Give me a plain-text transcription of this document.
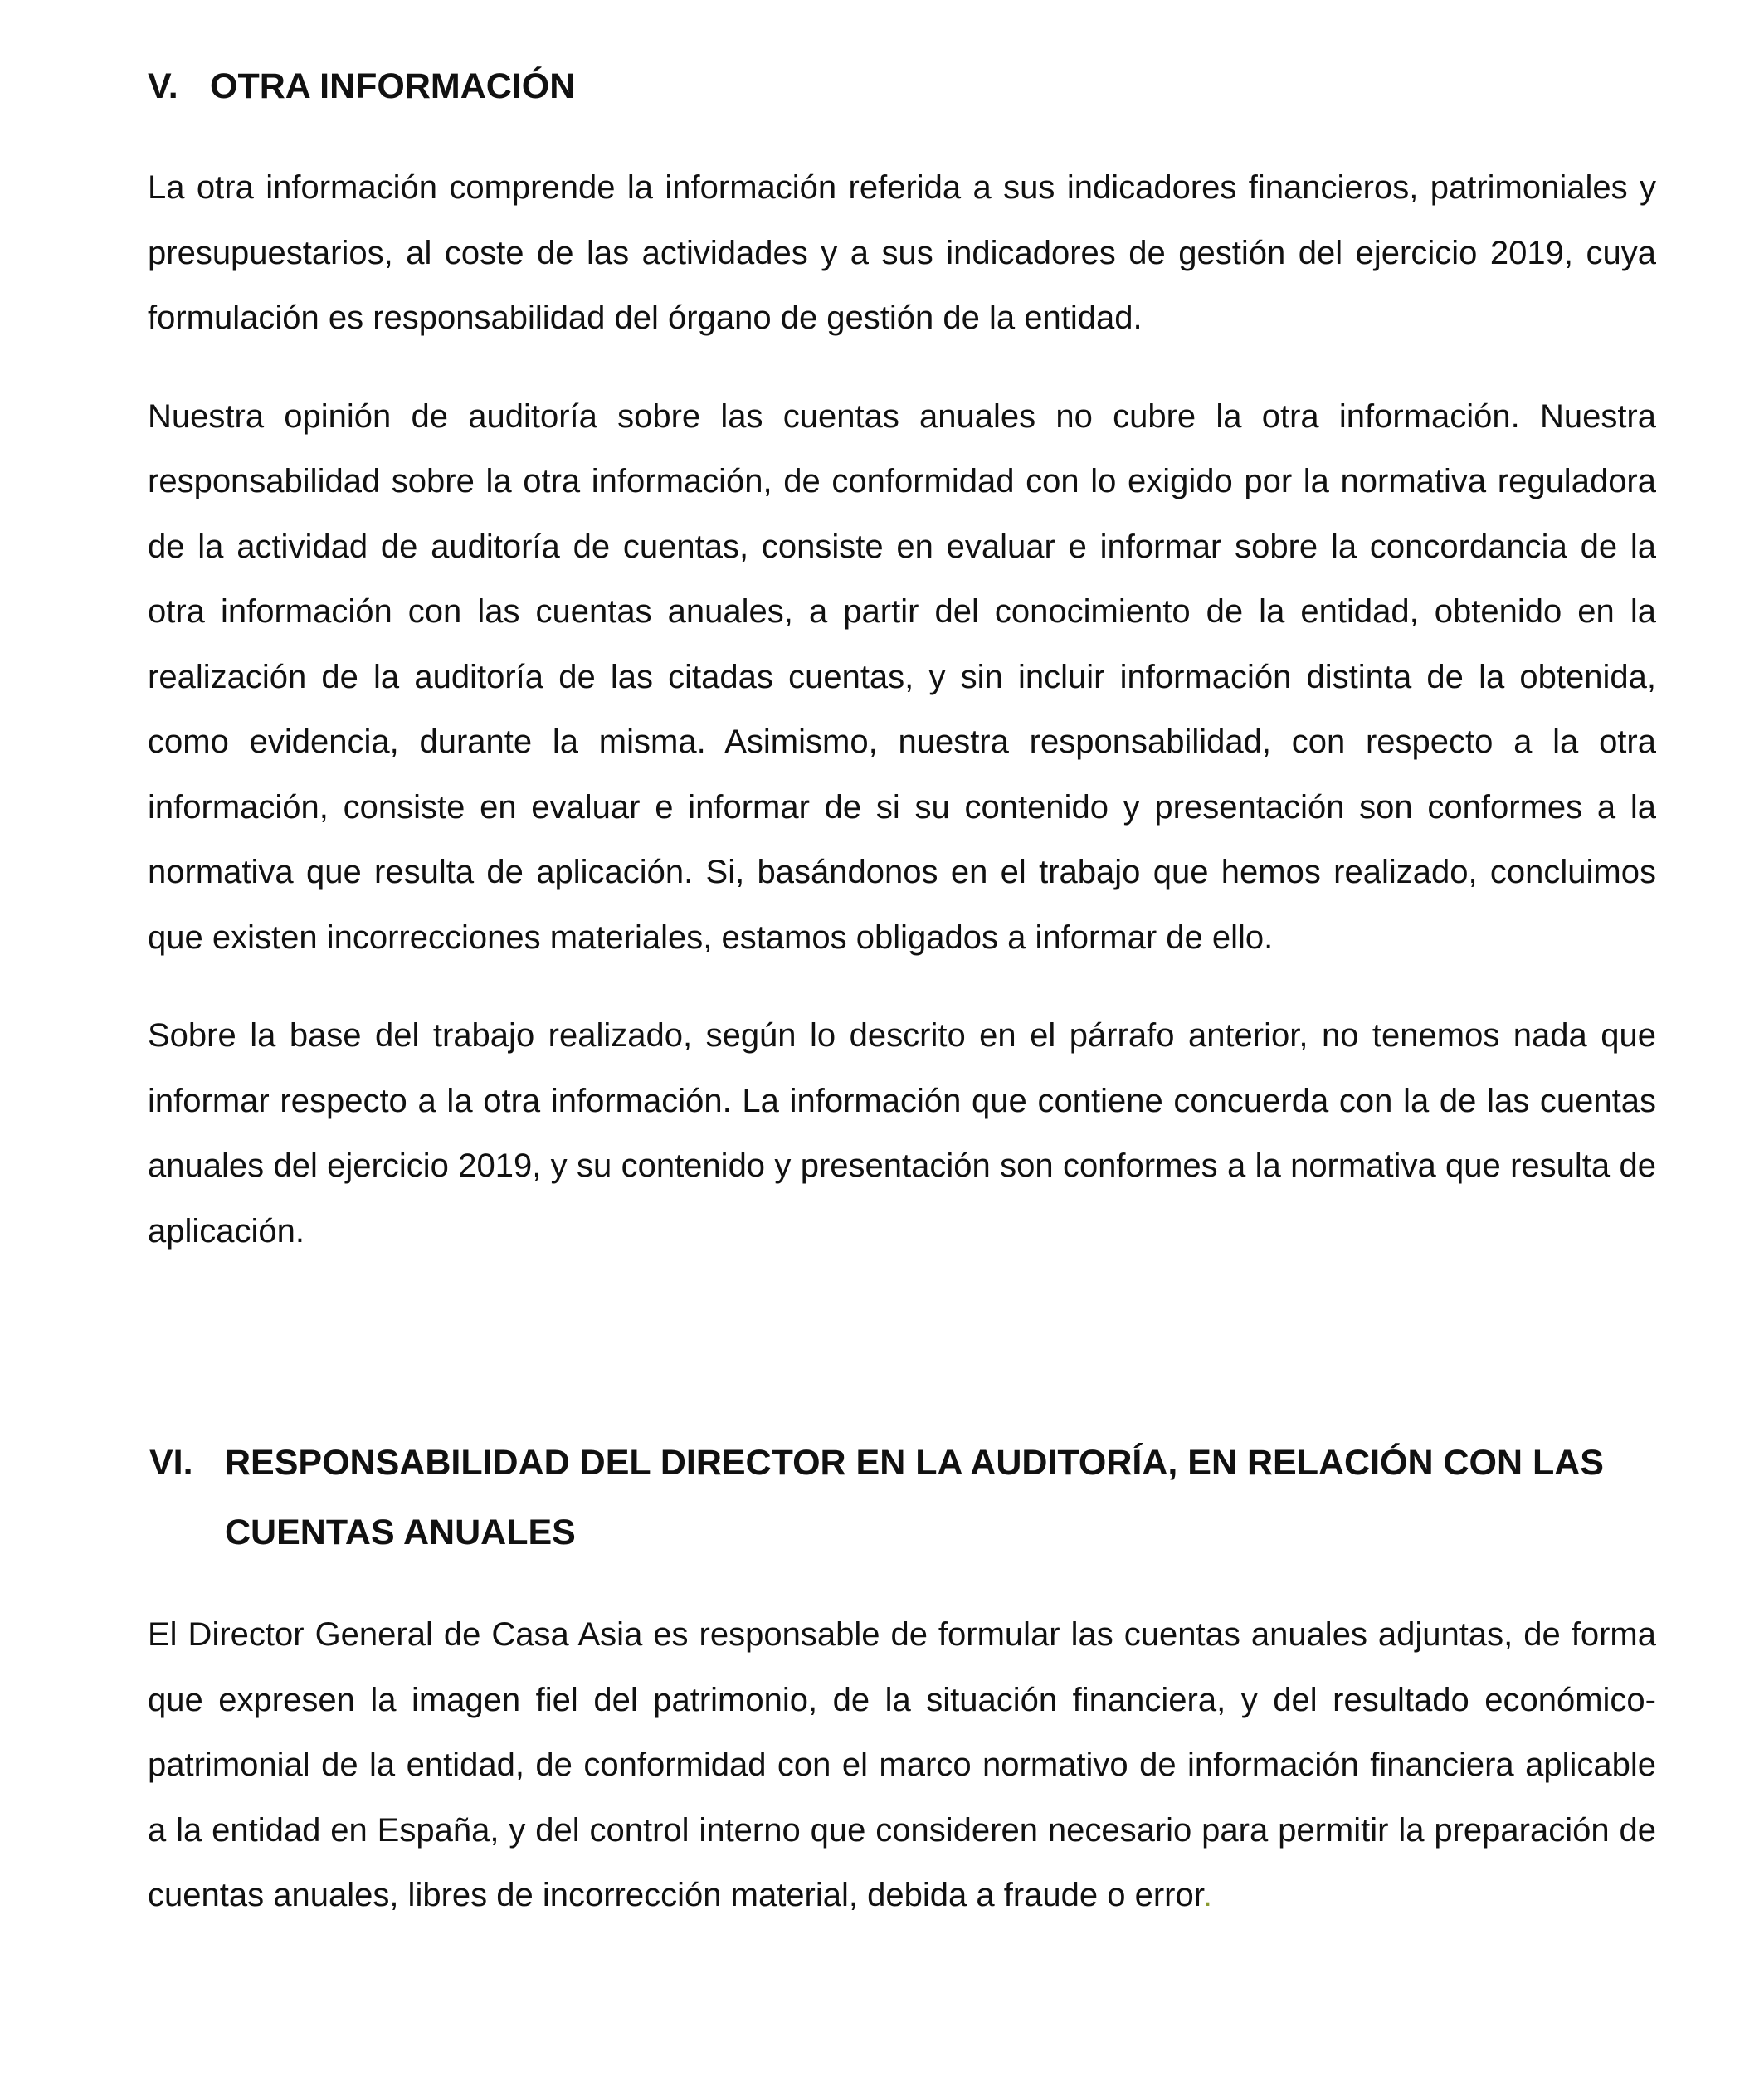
V. OTRA INFORMACIÓN

La otra información comprende la información referida a sus indicadores financieros, patrimoniales y presupuestarios, al coste de las actividades y a sus indicadores de gestión del ejercicio 2019, cuya formulación es responsabilidad del órgano de gestión de la entidad.

Nuestra opinión de auditoría sobre las cuentas anuales no cubre la otra información. Nuestra responsabilidad sobre la otra información, de conformidad con lo exigido por la normativa reguladora de la actividad de auditoría de cuentas, consiste en evaluar e informar sobre la concordancia de la otra información con las cuentas anuales, a partir del conocimiento de la entidad, obtenido en la realización de la auditoría de las citadas cuentas, y sin incluir información distinta de la obtenida, como evidencia, durante la misma. Asimismo, nuestra responsabilidad, con respecto a la otra información, consiste en evaluar e informar de si su contenido y presentación son conformes a la normativa que resulta de aplicación. Si, basándonos en el trabajo que hemos realizado, concluimos que existen incorrecciones materiales, estamos obligados a informar de ello.

Sobre la base del trabajo realizado, según lo descrito en el párrafo anterior, no tenemos nada que informar respecto a la otra información. La información que contiene concuerda con la de las cuentas anuales del ejercicio 2019, y su contenido y presentación son conformes a la normativa que resulta de aplicación.

VI. RESPONSABILIDAD DEL DIRECTOR EN LA AUDITORÍA, EN RELACIÓN CON LAS CUENTAS ANUALES

El Director General de Casa Asia es responsable de formular las cuentas anuales adjuntas, de forma que expresen la imagen fiel del patrimonio, de la situación financiera, y del resultado económico-patrimonial de la entidad, de conformidad con el marco normativo de información financiera aplicable a la entidad en España, y del control interno que consideren necesario para permitir la preparación de cuentas anuales, libres de incorrección material, debida a fraude o error.
